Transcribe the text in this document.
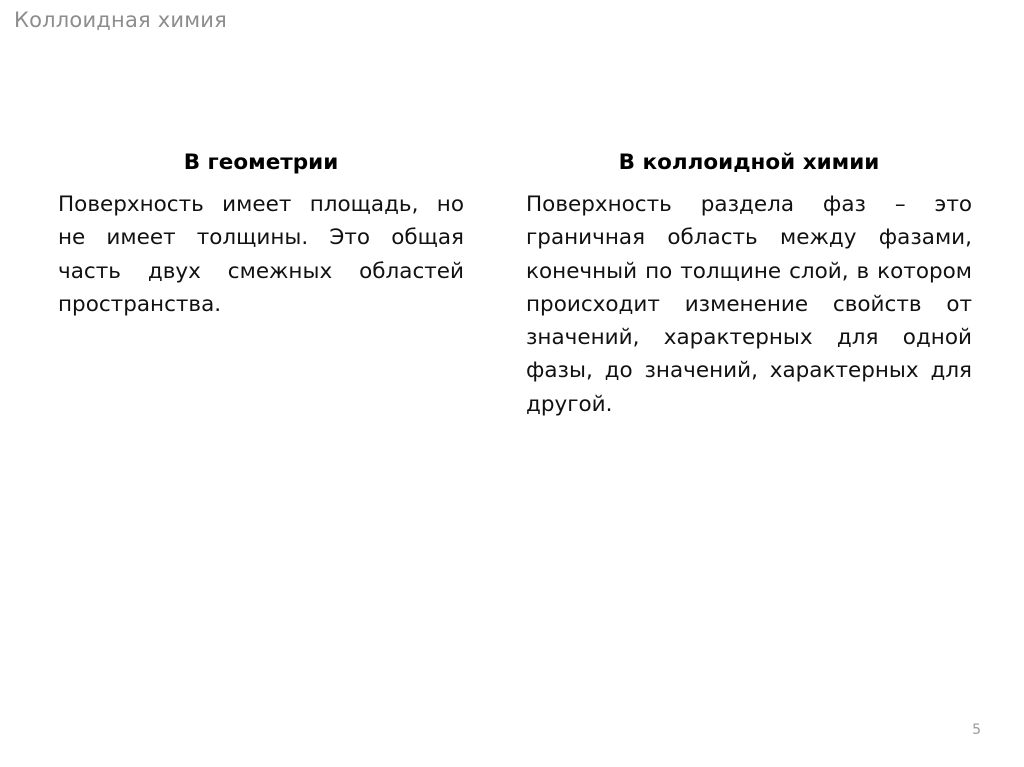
Коллоидная химия
В геометрии

Поверхность имеет площадь, но не имеет толщины. Это общая часть двух смежных областей пространства.

В коллоидной химии

Поверхность раздела фаз – это граничная область между фазами, конечный по толщине слой, в котором происходит изменение свойств от значений, характерных для одной фазы, до значений, характерных для другой.

5
